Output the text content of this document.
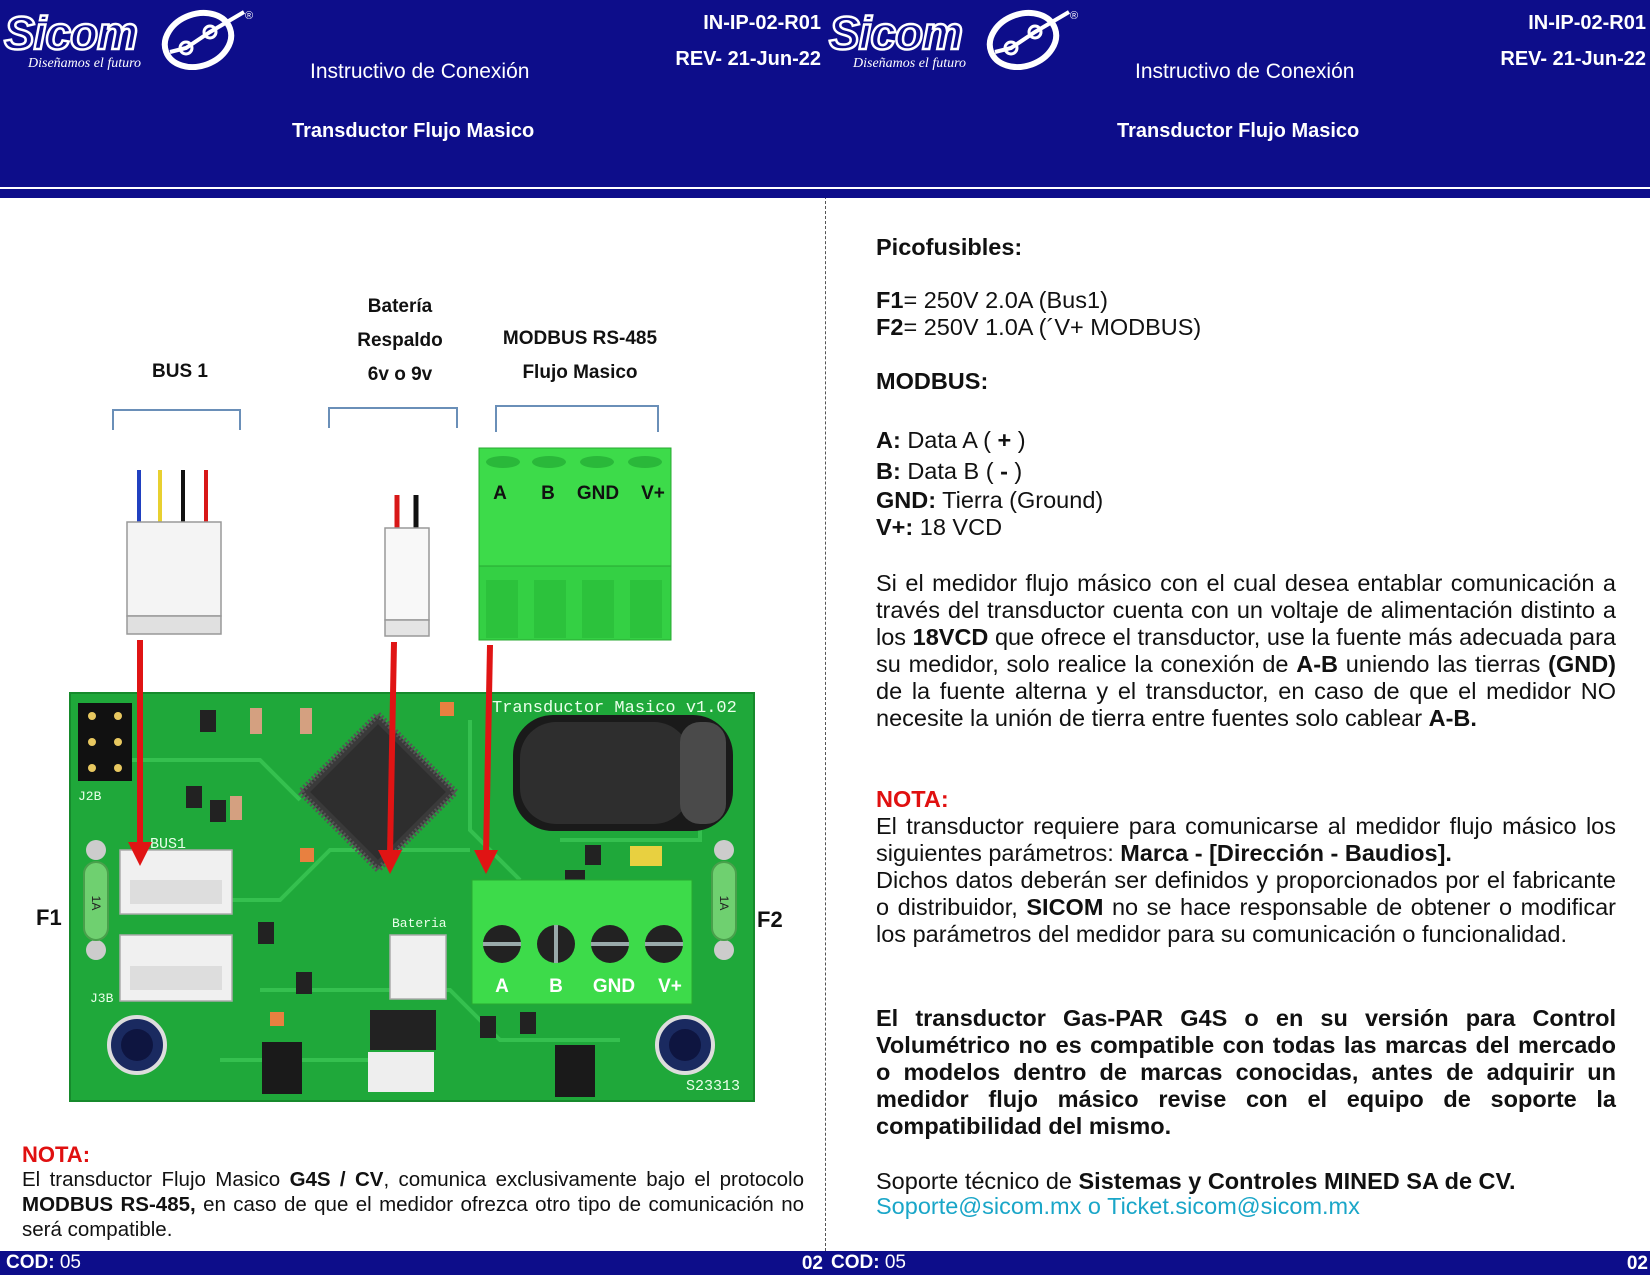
Sicom
Diseñamos el futuro
®
Instructivo de Conexión
Transductor Flujo Masico
IN-IP-02-R01
REV- 21-Jun-22
BUS 1
Batería
Respaldo
6v o 9v
MODBUS RS-485
Flujo Masico
A B GND V+
J2B
Transductor Masico v1.02
BUS1
J3B
Bateria
A B GND V+
S23313
1A	1A
F1	F2
NOTA:
El transductor Flujo Masico G4S / CV, comunica exclusivamente bajo el protocolo MODBUS RS-485, en caso de que el medidor ofrezca otro tipo de comunicación no será compatible.
COD: 05	02
Sicom
Diseñamos el futuro
®
Instructivo de Conexión
Transductor Flujo Masico
IN-IP-02-R01
REV- 21-Jun-22
COD: 05	02
Picofusibles:
F1= 250V 2.0A (Bus1)
F2= 250V 1.0A (´V+ MODBUS)
MODBUS:
A: Data A ( + )
B: Data B ( - )
GND: Tierra (Ground)
V+: 18 VCD
Si el medidor flujo másico con el cual desea entablar comunicación a través del transductor cuenta con un voltaje de alimentación distinto a los 18VCD que ofrece el transductor, use la fuente más adecuada para su medidor, solo realice la conexión de A-B uniendo las tierras (GND) de la fuente alterna y el transductor, en caso de que el medidor NO necesite la unión de tierra entre fuentes solo cablear A-B.
NOTA:
El transductor requiere para comunicarse al medidor flujo másico los siguientes parámetros: Marca - [Dirección - Baudios].
Dichos datos deberán ser definidos y proporcionados por el fabricante o distribuidor, SICOM no se hace responsable de obtener o modificar los parámetros del medidor para su comunicación o funcionalidad.
El transductor Gas-PAR G4S o en su versión para Control Volumétrico no es compatible con todas las marcas del mercado o modelos dentro de marcas conocidas, antes de adquirir un medidor flujo másico revise con el equipo de soporte la compatibilidad del mismo.
Soporte técnico de Sistemas y Controles MINED SA de CV.
Soporte@sicom.mx o Ticket.sicom@sicom.mx
